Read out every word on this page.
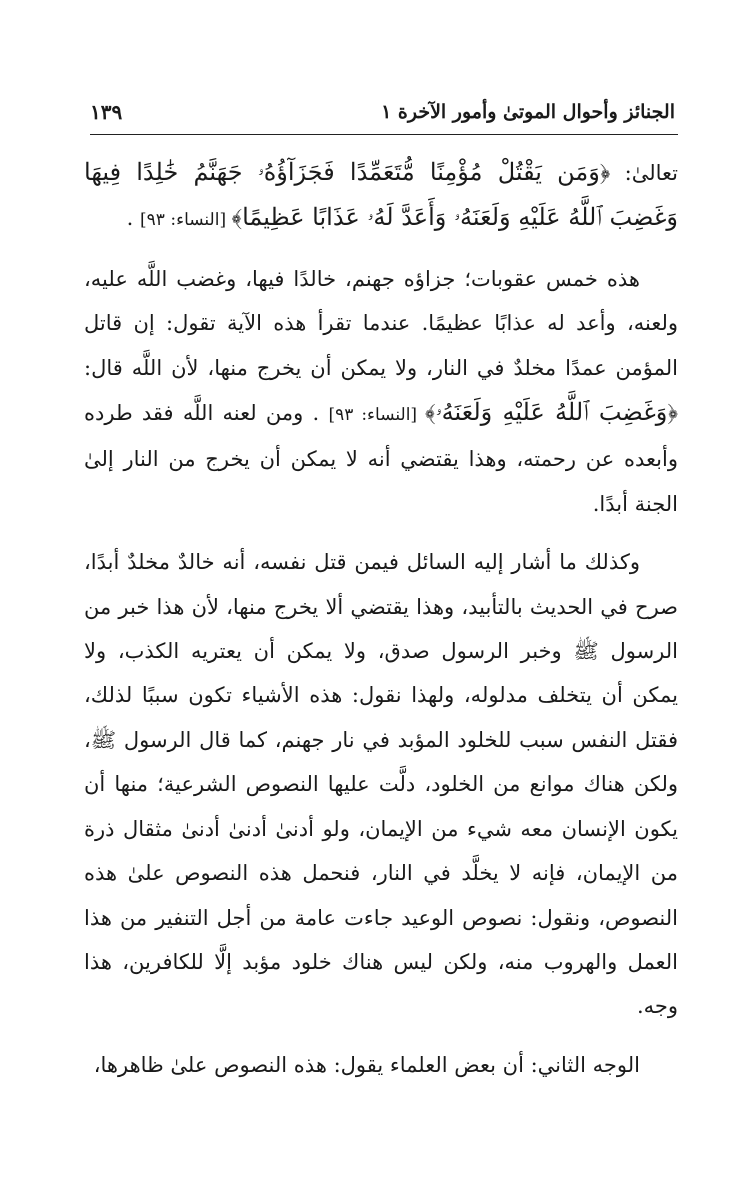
الجنائز وأحوال الموتىٰ وأمور الآخرة ١
١٣٩

تعالىٰ: ﴿وَمَن يَقْتُلْ مُؤْمِنًا مُّتَعَمِّدًا فَجَزَآؤُهُۥ جَهَنَّمُ خَٰلِدًا فِيهَا وَغَضِبَ ٱللَّهُ عَلَيْهِ وَلَعَنَهُۥ وَأَعَدَّ لَهُۥ عَذَابًا عَظِيمًا﴾ [النساء: ٩٣] .

هذه خمس عقوبات؛ جزاؤه جهنم، خالدًا فيها، وغضب اللَّه عليه، ولعنه، وأعد له عذابًا عظيمًا. عندما تقرأ هذه الآية تقول: إن قاتل المؤمن عمدًا مخلدٌ في النار، ولا يمكن أن يخرج منها، لأن اللَّه قال: ﴿وَغَضِبَ ٱللَّهُ عَلَيْهِ وَلَعَنَهُۥ﴾ [النساء: ٩٣] . ومن لعنه اللَّه فقد طرده وأبعده عن رحمته، وهذا يقتضي أنه لا يمكن أن يخرج من النار إلىٰ الجنة أبدًا.

وكذلك ما أشار إليه السائل فيمن قتل نفسه، أنه خالدٌ مخلدٌ أبدًا، صرح في الحديث بالتأبيد، وهذا يقتضي ألا يخرج منها، لأن هذا خبر من الرسول ﷺ وخبر الرسول صدق، ولا يمكن أن يعتريه الكذب، ولا يمكن أن يتخلف مدلوله، ولهذا نقول: هذه الأشياء تكون سببًا لذلك، فقتل النفس سبب للخلود المؤبد في نار جهنم، كما قال الرسول ﷺ، ولكن هناك موانع من الخلود، دلَّت عليها النصوص الشرعية؛ منها أن يكون الإنسان معه شيء من الإيمان، ولو أدنىٰ أدنىٰ أدنىٰ مثقال ذرة من الإيمان، فإنه لا يخلَّد في النار، فنحمل هذه النصوص علىٰ هذه النصوص، ونقول: نصوص الوعيد جاءت عامة من أجل التنفير من هذا العمل والهروب منه، ولكن ليس هناك خلود مؤبد إلَّا للكافرين، هذا وجه.

الوجه الثاني: أن بعض العلماء يقول: هذه النصوص علىٰ ظاهرها،
